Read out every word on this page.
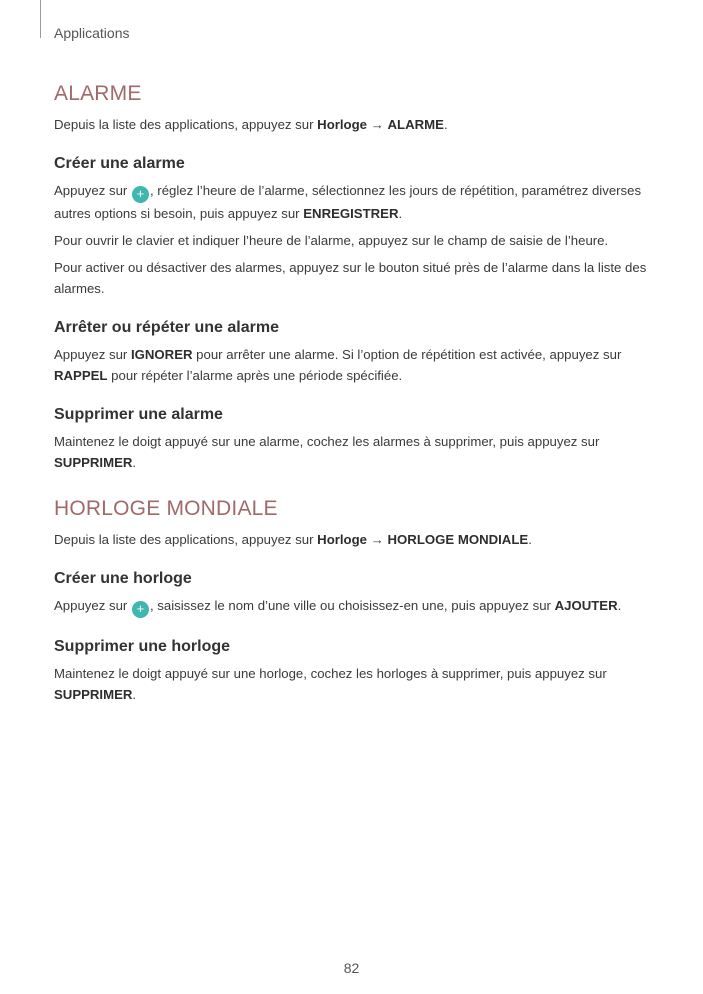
Applications
ALARME

Depuis la liste des applications, appuyez sur Horloge → ALARME.

Créer une alarme

Appuyez sur + , réglez l’heure de l’alarme, sélectionnez les jours de répétition, paramétrez diverses autres options si besoin, puis appuyez sur ENREGISTRER.

Pour ouvrir le clavier et indiquer l’heure de l’alarme, appuyez sur le champ de saisie de l’heure.

Pour activer ou désactiver des alarmes, appuyez sur le bouton situé près de l’alarme dans la liste des alarmes.

Arrêter ou répéter une alarme

Appuyez sur IGNORER pour arrêter une alarme. Si l’option de répétition est activée, appuyez sur RAPPEL pour répéter l’alarme après une période spécifiée.

Supprimer une alarme

Maintenez le doigt appuyé sur une alarme, cochez les alarmes à supprimer, puis appuyez sur SUPPRIMER.

HORLOGE MONDIALE

Depuis la liste des applications, appuyez sur Horloge → HORLOGE MONDIALE.

Créer une horloge

Appuyez sur + , saisissez le nom d’une ville ou choisissez-en une, puis appuyez sur AJOUTER.

Supprimer une horloge

Maintenez le doigt appuyé sur une horloge, cochez les horloges à supprimer, puis appuyez sur SUPPRIMER.

82
